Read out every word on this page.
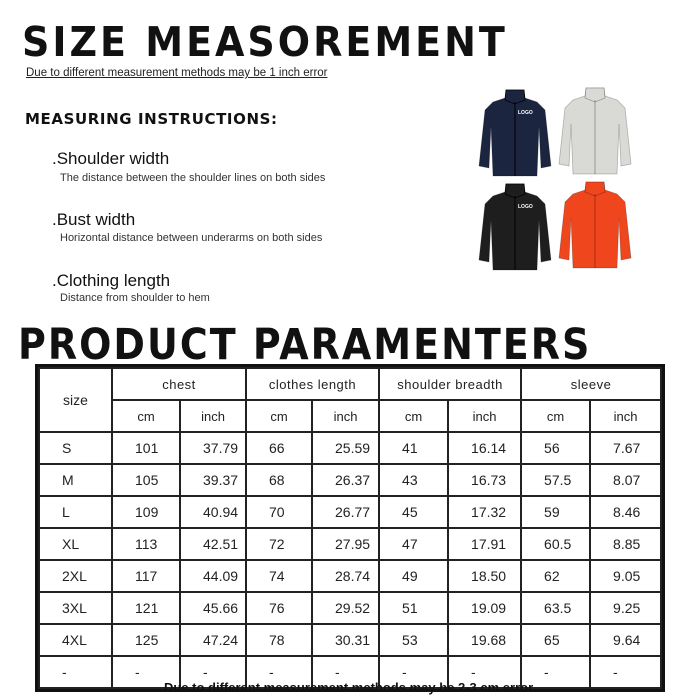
SIZE MEASOREMENT
Due to different measurement methods may be 1 inch error
MEASURING INSTRUCTIONS:
.Shoulder width
The distance between the shoulder lines on both sides
.Bust width
Horizontal distance between underarms on both sides
.Clothing length
Distance from shoulder to hem
LOGO
LOGO
PRODUCT PARAMENTERS
size	chest		clothes length		shoulder breadth		sleeve	
	cm	inch	cm	inch	cm	inch	cm	inch
S	101	37.79	66	25.59	41	16.14	56	7.67
M	105	39.37	68	26.37	43	16.73	57.5	8.07
L	109	40.94	70	26.77	45	17.32	59	8.46
XL	113	42.51	72	27.95	47	17.91	60.5	8.85
2XL	117	44.09	74	28.74	49	18.50	62	9.05
3XL	121	45.66	76	29.52	51	19.09	63.5	9.25
4XL	125	47.24	78	30.31	53	19.68	65	9.64
-	-	-	-	-	-	-	-	-
Due to different measurement methods may be 2-3 cm error.
